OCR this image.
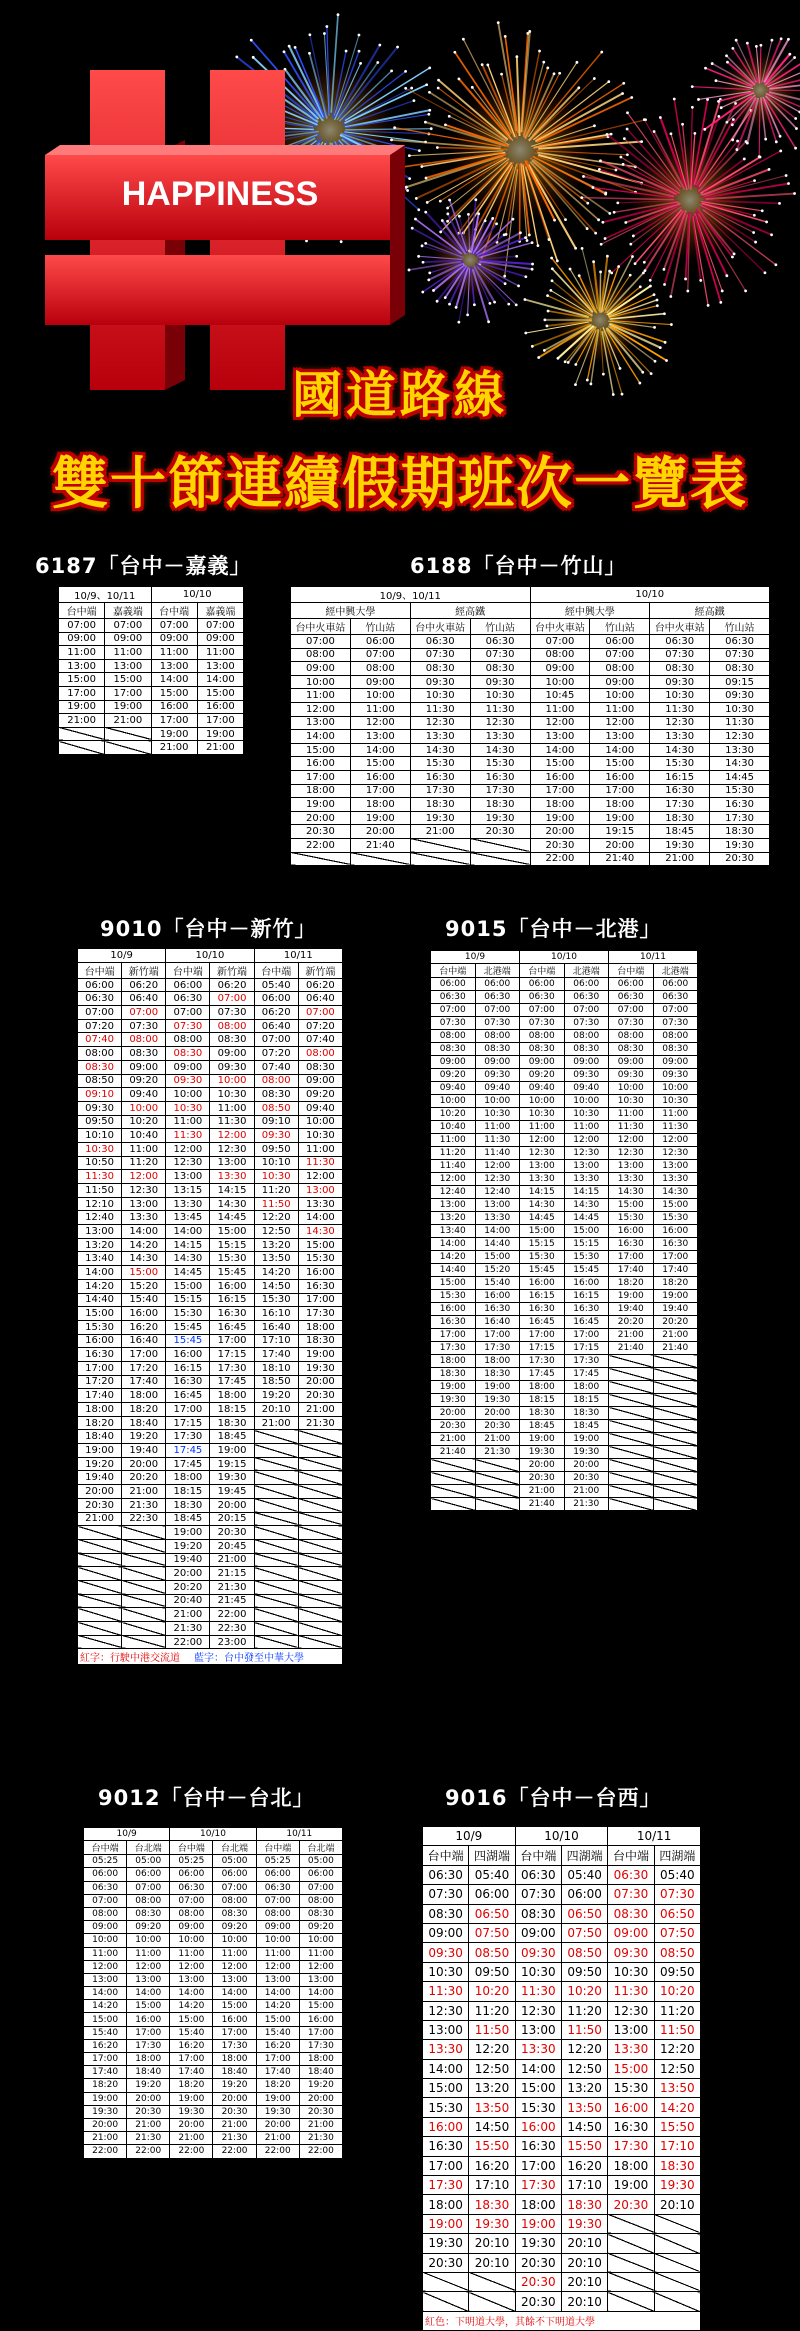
HAPPINESS
國道路線
雙十節連續假期班次一覽表
6187「台中－嘉義」
10/9、10/11		10/10	
台中端	嘉義端	台中端	嘉義端
07:00	07:00	07:00	07:00
09:00	09:00	09:00	09:00
11:00	11:00	11:00	11:00
13:00	13:00	13:00	13:00
15:00	15:00	14:00	14:00
17:00	17:00	15:00	15:00
19:00	19:00	16:00	16:00
21:00	21:00	17:00	17:00
		19:00	19:00
		21:00	21:00
6188「台中－竹山」
10/9、10/11				10/10			
經中興大學		經高鐵		經中興大學		經高鐵	
台中火車站	竹山站	台中火車站	竹山站	台中火車站	竹山站	台中火車站	竹山站
07:00	06:00	06:30	06:30	07:00	06:00	06:30	06:30
08:00	07:00	07:30	07:30	08:00	07:00	07:30	07:30
09:00	08:00	08:30	08:30	09:00	08:00	08:30	08:30
10:00	09:00	09:30	09:30	10:00	09:00	09:30	09:15
11:00	10:00	10:30	10:30	10:45	10:00	10:30	09:30
12:00	11:00	11:30	11:30	11:00	11:00	11:30	10:30
13:00	12:00	12:30	12:30	12:00	12:00	12:30	11:30
14:00	13:00	13:30	13:30	13:00	13:00	13:30	12:30
15:00	14:00	14:30	14:30	14:00	14:00	14:30	13:30
16:00	15:00	15:30	15:30	15:00	15:00	15:30	14:30
17:00	16:00	16:30	16:30	16:00	16:00	16:15	14:45
18:00	17:00	17:30	17:30	17:00	17:00	16:30	15:30
19:00	18:00	18:30	18:30	18:00	18:00	17:30	16:30
20:00	19:00	19:30	19:30	19:00	19:00	18:30	17:30
20:30	20:00	21:00	20:30	20:00	19:15	18:45	18:30
22:00	21:40			20:30	20:00	19:30	19:30
				22:00	21:40	21:00	20:30
9010「台中－新竹」
10/9		10/10		10/11	
台中端	新竹端	台中端	新竹端	台中端	新竹端
06:00	06:20	06:00	06:20	05:40	06:20
06:30	06:40	06:30	07:00	06:00	06:40
07:00	07:00	07:00	07:30	06:20	07:00
07:20	07:30	07:30	08:00	06:40	07:20
07:40	08:00	08:00	08:30	07:00	07:40
08:00	08:30	08:30	09:00	07:20	08:00
08:30	09:00	09:00	09:30	07:40	08:30
08:50	09:20	09:30	10:00	08:00	09:00
09:10	09:40	10:00	10:30	08:30	09:20
09:30	10:00	10:30	11:00	08:50	09:40
09:50	10:20	11:00	11:30	09:10	10:00
10:10	10:40	11:30	12:00	09:30	10:30
10:30	11:00	12:00	12:30	09:50	11:00
10:50	11:20	12:30	13:00	10:10	11:30
11:30	12:00	13:00	13:30	10:30	12:00
11:50	12:30	13:15	14:15	11:20	13:00
12:10	13:00	13:30	14:30	11:50	13:30
12:40	13:30	13:45	14:45	12:20	14:00
13:00	14:00	14:00	15:00	12:50	14:30
13:20	14:20	14:15	15:15	13:20	15:00
13:40	14:30	14:30	15:30	13:50	15:30
14:00	15:00	14:45	15:45	14:20	16:00
14:20	15:20	15:00	16:00	14:50	16:30
14:40	15:40	15:15	16:15	15:30	17:00
15:00	16:00	15:30	16:30	16:10	17:30
15:30	16:20	15:45	16:45	16:40	18:00
16:00	16:40	15:45	17:00	17:10	18:30
16:30	17:00	16:00	17:15	17:40	19:00
17:00	17:20	16:15	17:30	18:10	19:30
17:20	17:40	16:30	17:45	18:50	20:00
17:40	18:00	16:45	18:00	19:20	20:30
18:00	18:20	17:00	18:15	20:10	21:00
18:20	18:40	17:15	18:30	21:00	21:30
18:40	19:20	17:30	18:45		
19:00	19:40	17:45	19:00		
19:20	20:00	17:45	19:15		
19:40	20:20	18:00	19:30		
20:00	21:00	18:15	19:45		
20:30	21:30	18:30	20:00		
21:00	22:30	18:45	20:15		
		19:00	20:30		
		19:20	20:45		
		19:40	21:00		
		20:00	21:15		
		20:20	21:30		
		20:40	21:45		
		21:00	22:00		
		21:30	22:30		
		22:00	23:00		
紅字：行駛中港交流道 藍字：台中發至中華大學					
9015「台中－北港」
10/9		10/10		10/11	
台中端	北港端	台中端	北港端	台中端	北港端
06:00	06:00	06:00	06:00	06:00	06:00
06:30	06:30	06:30	06:30	06:30	06:30
07:00	07:00	07:00	07:00	07:00	07:00
07:30	07:30	07:30	07:30	07:30	07:30
08:00	08:00	08:00	08:00	08:00	08:00
08:30	08:30	08:30	08:30	08:30	08:30
09:00	09:00	09:00	09:00	09:00	09:00
09:20	09:30	09:20	09:30	09:30	09:30
09:40	09:40	09:40	09:40	10:00	10:00
10:00	10:00	10:00	10:00	10:30	10:30
10:20	10:30	10:30	10:30	11:00	11:00
10:40	11:00	11:00	11:00	11:30	11:30
11:00	11:30	12:00	12:00	12:00	12:00
11:20	11:40	12:30	12:30	12:30	12:30
11:40	12:00	13:00	13:00	13:00	13:00
12:00	12:30	13:30	13:30	13:30	13:30
12:40	12:40	14:15	14:15	14:30	14:30
13:00	13:00	14:30	14:30	15:00	15:00
13:20	13:30	14:45	14:45	15:30	15:30
13:40	14:00	15:00	15:00	16:00	16:00
14:00	14:40	15:15	15:15	16:30	16:30
14:20	15:00	15:30	15:30	17:00	17:00
14:40	15:20	15:45	15:45	17:40	17:40
15:00	15:40	16:00	16:00	18:20	18:20
15:30	16:00	16:15	16:15	19:00	19:00
16:00	16:30	16:30	16:30	19:40	19:40
16:30	16:40	16:45	16:45	20:20	20:20
17:00	17:00	17:00	17:00	21:00	21:00
17:30	17:30	17:15	17:15	21:40	21:40
18:00	18:00	17:30	17:30		
18:30	18:30	17:45	17:45		
19:00	19:00	18:00	18:00		
19:30	19:30	18:15	18:15		
20:00	20:00	18:30	18:30		
20:30	20:30	18:45	18:45		
21:00	21:00	19:00	19:00		
21:40	21:30	19:30	19:30		
		20:00	20:00		
		20:30	20:30		
		21:00	21:00		
		21:40	21:30		
9012「台中－台北」
10/9		10/10		10/11	
台中端	台北端	台中端	台北端	台中端	台北端
05:25	05:00	05:25	05:00	05:25	05:00
06:00	06:00	06:00	06:00	06:00	06:00
06:30	07:00	06:30	07:00	06:30	07:00
07:00	08:00	07:00	08:00	07:00	08:00
08:00	08:30	08:00	08:30	08:00	08:30
09:00	09:20	09:00	09:20	09:00	09:20
10:00	10:00	10:00	10:00	10:00	10:00
11:00	11:00	11:00	11:00	11:00	11:00
12:00	12:00	12:00	12:00	12:00	12:00
13:00	13:00	13:00	13:00	13:00	13:00
14:00	14:00	14:00	14:00	14:00	14:00
14:20	15:00	14:20	15:00	14:20	15:00
15:00	16:00	15:00	16:00	15:00	16:00
15:40	17:00	15:40	17:00	15:40	17:00
16:20	17:30	16:20	17:30	16:20	17:30
17:00	18:00	17:00	18:00	17:00	18:00
17:40	18:40	17:40	18:40	17:40	18:40
18:20	19:20	18:20	19:20	18:20	19:20
19:00	20:00	19:00	20:00	19:00	20:00
19:30	20:30	19:30	20:30	19:30	20:30
20:00	21:00	20:00	21:00	20:00	21:00
21:00	21:30	21:00	21:30	21:00	21:30
22:00	22:00	22:00	22:00	22:00	22:00
9016「台中－台西」
10/9		10/10		10/11	
台中端	四湖端	台中端	四湖端	台中端	四湖端
06:30	05:40	06:30	05:40	06:30	05:40
07:30	06:00	07:30	06:00	07:30	07:30
08:30	06:50	08:30	06:50	08:30	06:50
09:00	07:50	09:00	07:50	09:00	07:50
09:30	08:50	09:30	08:50	09:30	08:50
10:30	09:50	10:30	09:50	10:30	09:50
11:30	10:20	11:30	10:20	11:30	10:20
12:30	11:20	12:30	11:20	12:30	11:20
13:00	11:50	13:00	11:50	13:00	11:50
13:30	12:20	13:30	12:20	13:30	12:20
14:00	12:50	14:00	12:50	15:00	12:50
15:00	13:20	15:00	13:20	15:30	13:50
15:30	13:50	15:30	13:50	16:00	14:20
16:00	14:50	16:00	14:50	16:30	15:50
16:30	15:50	16:30	15:50	17:30	17:10
17:00	16:20	17:00	16:20	18:00	18:30
17:30	17:10	17:30	17:10	19:00	19:30
18:00	18:30	18:00	18:30	20:30	20:10
19:00	19:30	19:00	19:30		
19:30	20:10	19:30	20:10		
20:30	20:10	20:30	20:10		
		20:30	20:10		
		20:30	20:10		
紅色：下明道大學，其餘不下明道大學					
